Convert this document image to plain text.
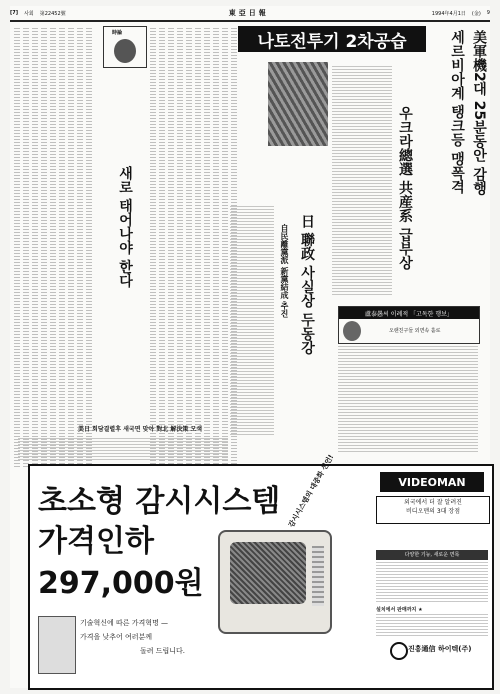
[7] 사회 第22452號	東亞日報	1994年4月1日 (金) 9
時論
새로 태어나야 한다
나토전투기 2차공습	美軍機2대 25분동안 감행
세르비아계 탱크등 맹폭격
우크라總選 共産系 급부상
日 聯政 사실상 두동강
自民離黨派 新黨結成 추진	盧泰愚씨 이례적 「고독한 행보」
오랜친구들 외면속 홀로
美日 회담결렬후 새국면 맞아 對北 解決策 모색
초소형 감시시스템
가격인하
297,000원
감시시스템의 대중화 선언!	VIDEOMAN
외국에서 더 잘 알려진
비디오맨의 3대 장점
다양한 기능, 새로운 면목
설치에서 판매까지 ★
기술혁신에 따른 가격혁명 —
가격을 낮추어 여러분께
돌려 드립니다.	진흥通信 하이텍(주)
